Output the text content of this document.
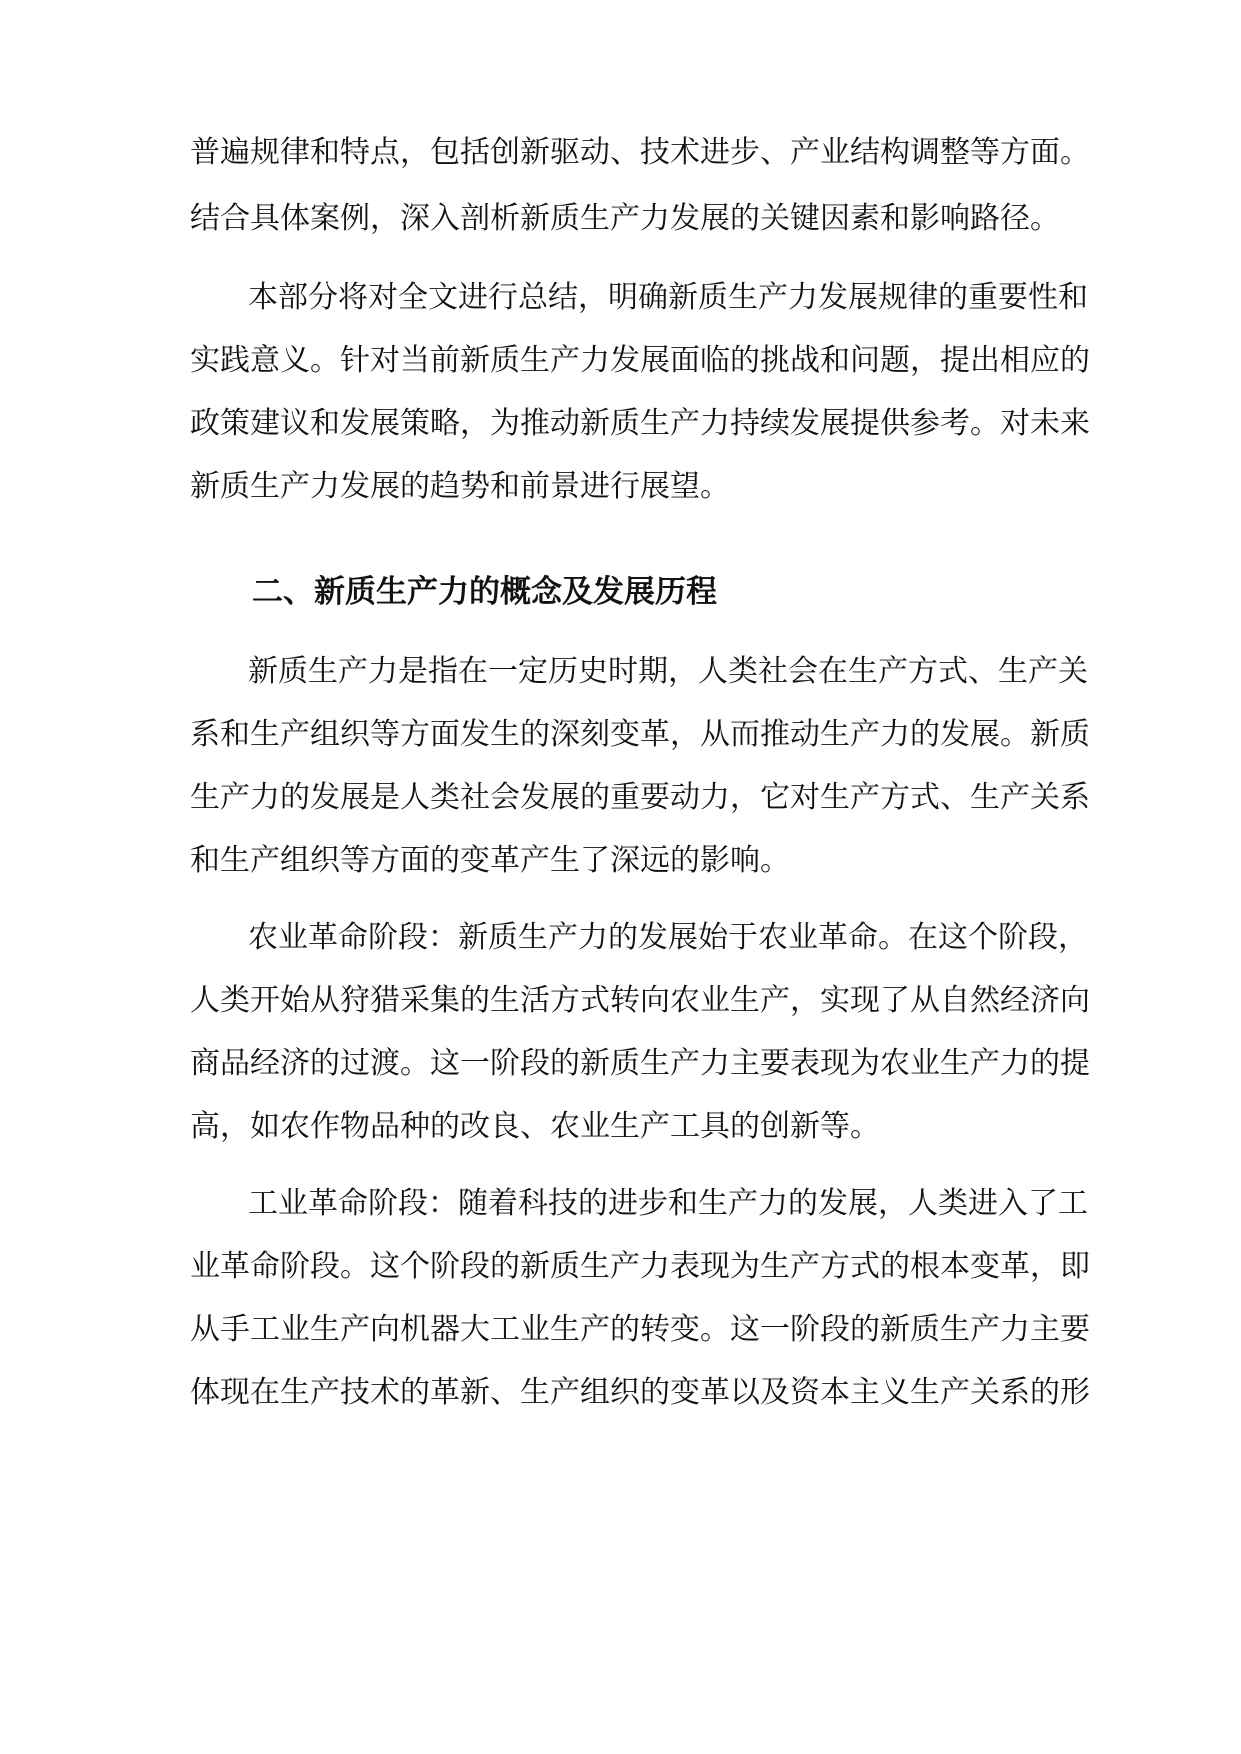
普遍规律和特点，包括创新驱动、技术进步、产业结构调整等方面。
结合具体案例，深入剖析新质生产力发展的关键因素和影响路径。
本部分将对全文进行总结，明确新质生产力发展规律的重要性和
实践意义。针对当前新质生产力发展面临的挑战和问题，提出相应的
政策建议和发展策略，为推动新质生产力持续发展提供参考。对未来
新质生产力发展的趋势和前景进行展望。
二、新质生产力的概念及发展历程
新质生产力是指在一定历史时期，人类社会在生产方式、生产关
系和生产组织等方面发生的深刻变革，从而推动生产力的发展。新质
生产力的发展是人类社会发展的重要动力，它对生产方式、生产关系
和生产组织等方面的变革产生了深远的影响。
农业革命阶段：新质生产力的发展始于农业革命。在这个阶段，
人类开始从狩猎采集的生活方式转向农业生产，实现了从自然经济向
商品经济的过渡。这一阶段的新质生产力主要表现为农业生产力的提
高，如农作物品种的改良、农业生产工具的创新等。
工业革命阶段：随着科技的进步和生产力的发展，人类进入了工
业革命阶段。这个阶段的新质生产力表现为生产方式的根本变革，即
从手工业生产向机器大工业生产的转变。这一阶段的新质生产力主要
体现在生产技术的革新、生产组织的变革以及资本主义生产关系的形
